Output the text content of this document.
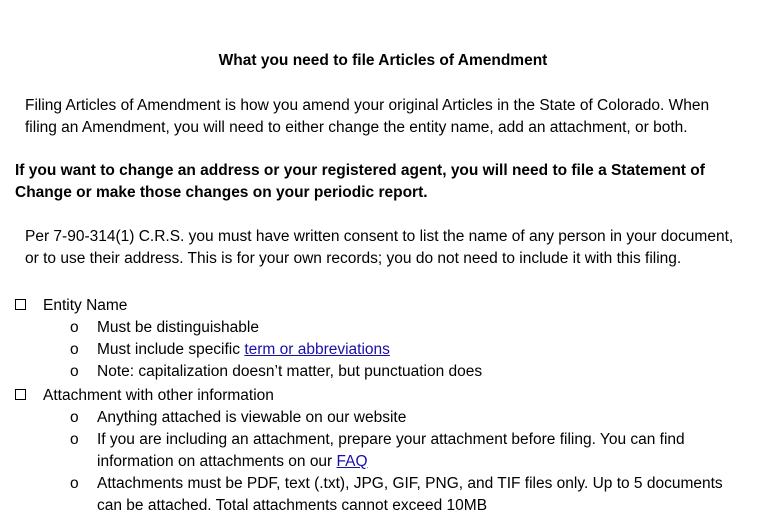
What you need to file Articles of Amendment
Filing Articles of Amendment is how you amend your original Articles in the State of Colorado. When filing an Amendment, you will need to either change the entity name, add an attachment, or both.
If you want to change an address or your registered agent, you will need to file a Statement of Change or make those changes on your periodic report.
Per 7-90-314(1) C.R.S. you must have written consent to list the name of any person in your document, or to use their address. This is for your own records; you do not need to include it with this filing.
Entity Name
o Must be distinguishable
o Must include specific term or abbreviations
o Note: capitalization doesn’t matter, but punctuation does
Attachment with other information
o Anything attached is viewable on our website
o If you are including an attachment, prepare your attachment before filing. You can find information on attachments on our FAQ
o Attachments must be PDF, text (.txt), JPG, GIF, PNG, and TIF files only. Up to 5 documents can be attached. Total attachments cannot exceed 10MB
